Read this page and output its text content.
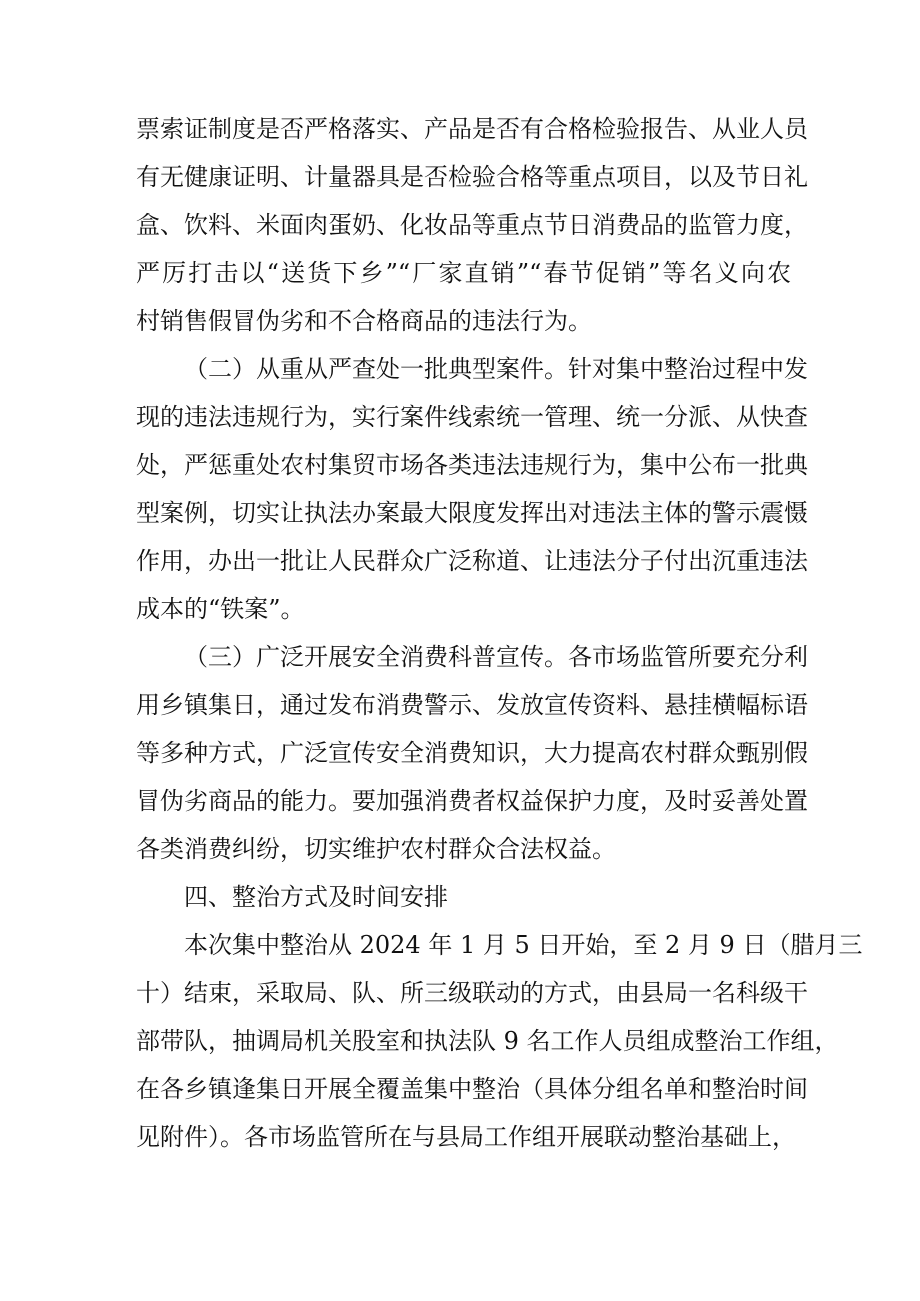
票索证制度是否严格落实、产品是否有合格检验报告、从业人员
有无健康证明、计量器具是否检验合格等重点项目，以及节日礼
盒、饮料、米面肉蛋奶、化妆品等重点节日消费品的监管力度，
严厉打击以“送货下乡”“厂家直销”“春节促销”等名义向农
村销售假冒伪劣和不合格商品的违法行为。
（二）从重从严查处一批典型案件。针对集中整治过程中发
现的违法违规行为，实行案件线索统一管理、统一分派、从快查
处，严惩重处农村集贸市场各类违法违规行为，集中公布一批典
型案例，切实让执法办案最大限度发挥出对违法主体的警示震慑
作用，办出一批让人民群众广泛称道、让违法分子付出沉重违法
成本的“铁案”。
（三）广泛开展安全消费科普宣传。各市场监管所要充分利
用乡镇集日，通过发布消费警示、发放宣传资料、悬挂横幅标语
等多种方式，广泛宣传安全消费知识，大力提高农村群众甄别假
冒伪劣商品的能力。要加强消费者权益保护力度，及时妥善处置
各类消费纠纷，切实维护农村群众合法权益。
四、整治方式及时间安排
本次集中整治从 2024 年 1 月 5 日开始，至 2 月 9 日（腊月三
十）结束，采取局、队、所三级联动的方式，由县局一名科级干
部带队，抽调局机关股室和执法队 9 名工作人员组成整治工作组，
在各乡镇逢集日开展全覆盖集中整治（具体分组名单和整治时间
见附件）。各市场监管所在与县局工作组开展联动整治基础上，
